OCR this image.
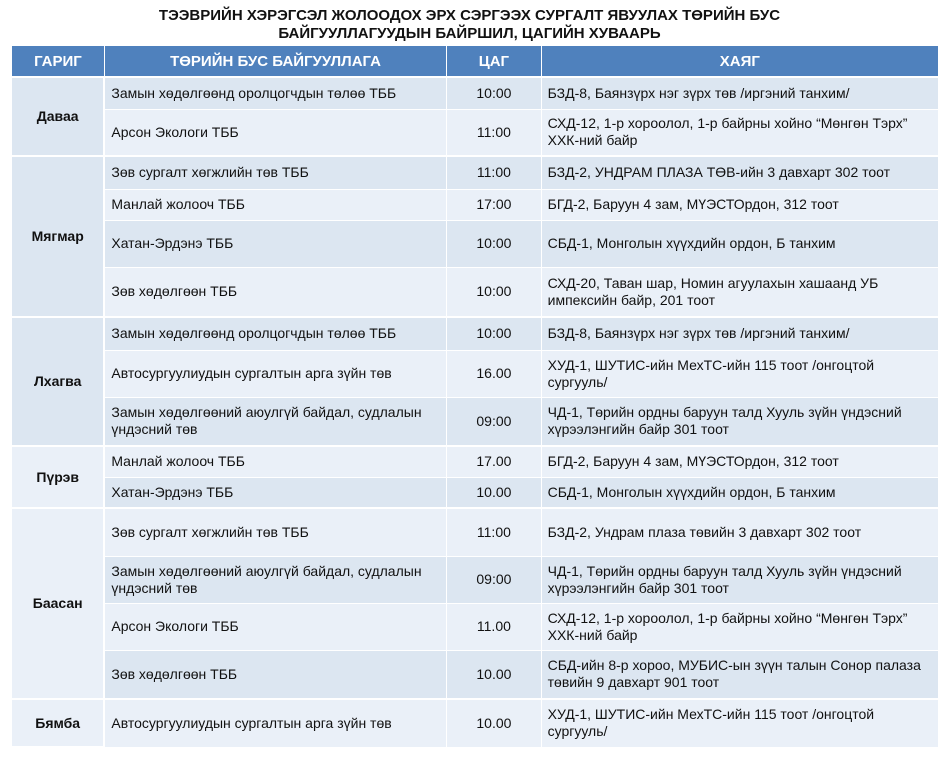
ТЭЭВРИЙН ХЭРЭГСЭЛ ЖОЛООДОХ ЭРХ СЭРГЭЭХ СУРГАЛТ ЯВУУЛАХ ТӨРИЙН БУС
БАЙГУУЛЛАГУУДЫН БАЙРШИЛ, ЦАГИЙН ХУВААРЬ
ГАРИГ	ТӨРИЙН БУС БАЙГУУЛЛАГА	ЦАГ	ХАЯГ
Даваа	Замын хөдөлгөөнд оролцогчдын төлөө ТББ	10:00	БЗД-8, Баянзүрх нэг зүрх төв /иргэний танхим/
	Арсон Экологи ТББ	11:00	СХД-12, 1-р хороолол, 1-р байрны хойно “Мөнгөн Тэрх” ХХК-ний байр
Мягмар	Зөв сургалт хөгжлийн төв ТББ	11:00	БЗД-2, УНДРАМ ПЛАЗА ТӨВ-ийн 3 давхарт 302 тоот
	Манлай жолооч ТББ	17:00	БГД-2, Баруун 4 зам, МҮЭСТОрдон, 312 тоот
	Хатан-Эрдэнэ ТББ	10:00	СБД-1, Монголын хүүхдийн ордон, Б танхим
	Зөв хөдөлгөөн ТББ	10:00	СХД-20, Таван шар, Номин агуулахын хашаанд УБ импексийн байр, 201 тоот
Лхагва	Замын хөдөлгөөнд оролцогчдын төлөө ТББ	10:00	БЗД-8, Баянзүрх нэг зүрх төв /иргэний танхим/
	Автосургуулиудын сургалтын арга зүйн төв	16.00	ХУД-1, ШУТИС-ийн МехТС-ийн 115 тоот /онгоцтой сургууль/
	Замын хөдөлгөөний аюулгүй байдал, судлалын үндэсний төв	09:00	ЧД-1, Төрийн ордны баруун талд Хууль зүйн үндэсний хүрээлэнгийн байр 301 тоот
Пүрэв	Манлай жолооч ТББ	17.00	БГД-2, Баруун 4 зам, МҮЭСТОрдон, 312 тоот
	Хатан-Эрдэнэ ТББ	10.00	СБД-1, Монголын хүүхдийн ордон, Б танхим
Баасан	Зөв сургалт хөгжлийн төв ТББ	11:00	БЗД-2, Ундрам плаза төвийн 3 давхарт 302 тоот
	Замын хөдөлгөөний аюулгүй байдал, судлалын үндэсний төв	09:00	ЧД-1, Төрийн ордны баруун талд Хууль зүйн үндэсний хүрээлэнгийн байр 301 тоот
	Арсон Экологи ТББ	11.00	СХД-12, 1-р хороолол, 1-р байрны хойно “Мөнгөн Тэрх” ХХК-ний байр
	Зөв хөдөлгөөн ТББ	10.00	СБД-ийн 8-р хороо, МУБИС-ын зүүн талын Сонор палаза төвийн 9 давхарт 901 тоот
Бямба	Автосургуулиудын сургалтын арга зүйн төв	10.00	ХУД-1, ШУТИС-ийн МехТС-ийн 115 тоот /онгоцтой сургууль/
